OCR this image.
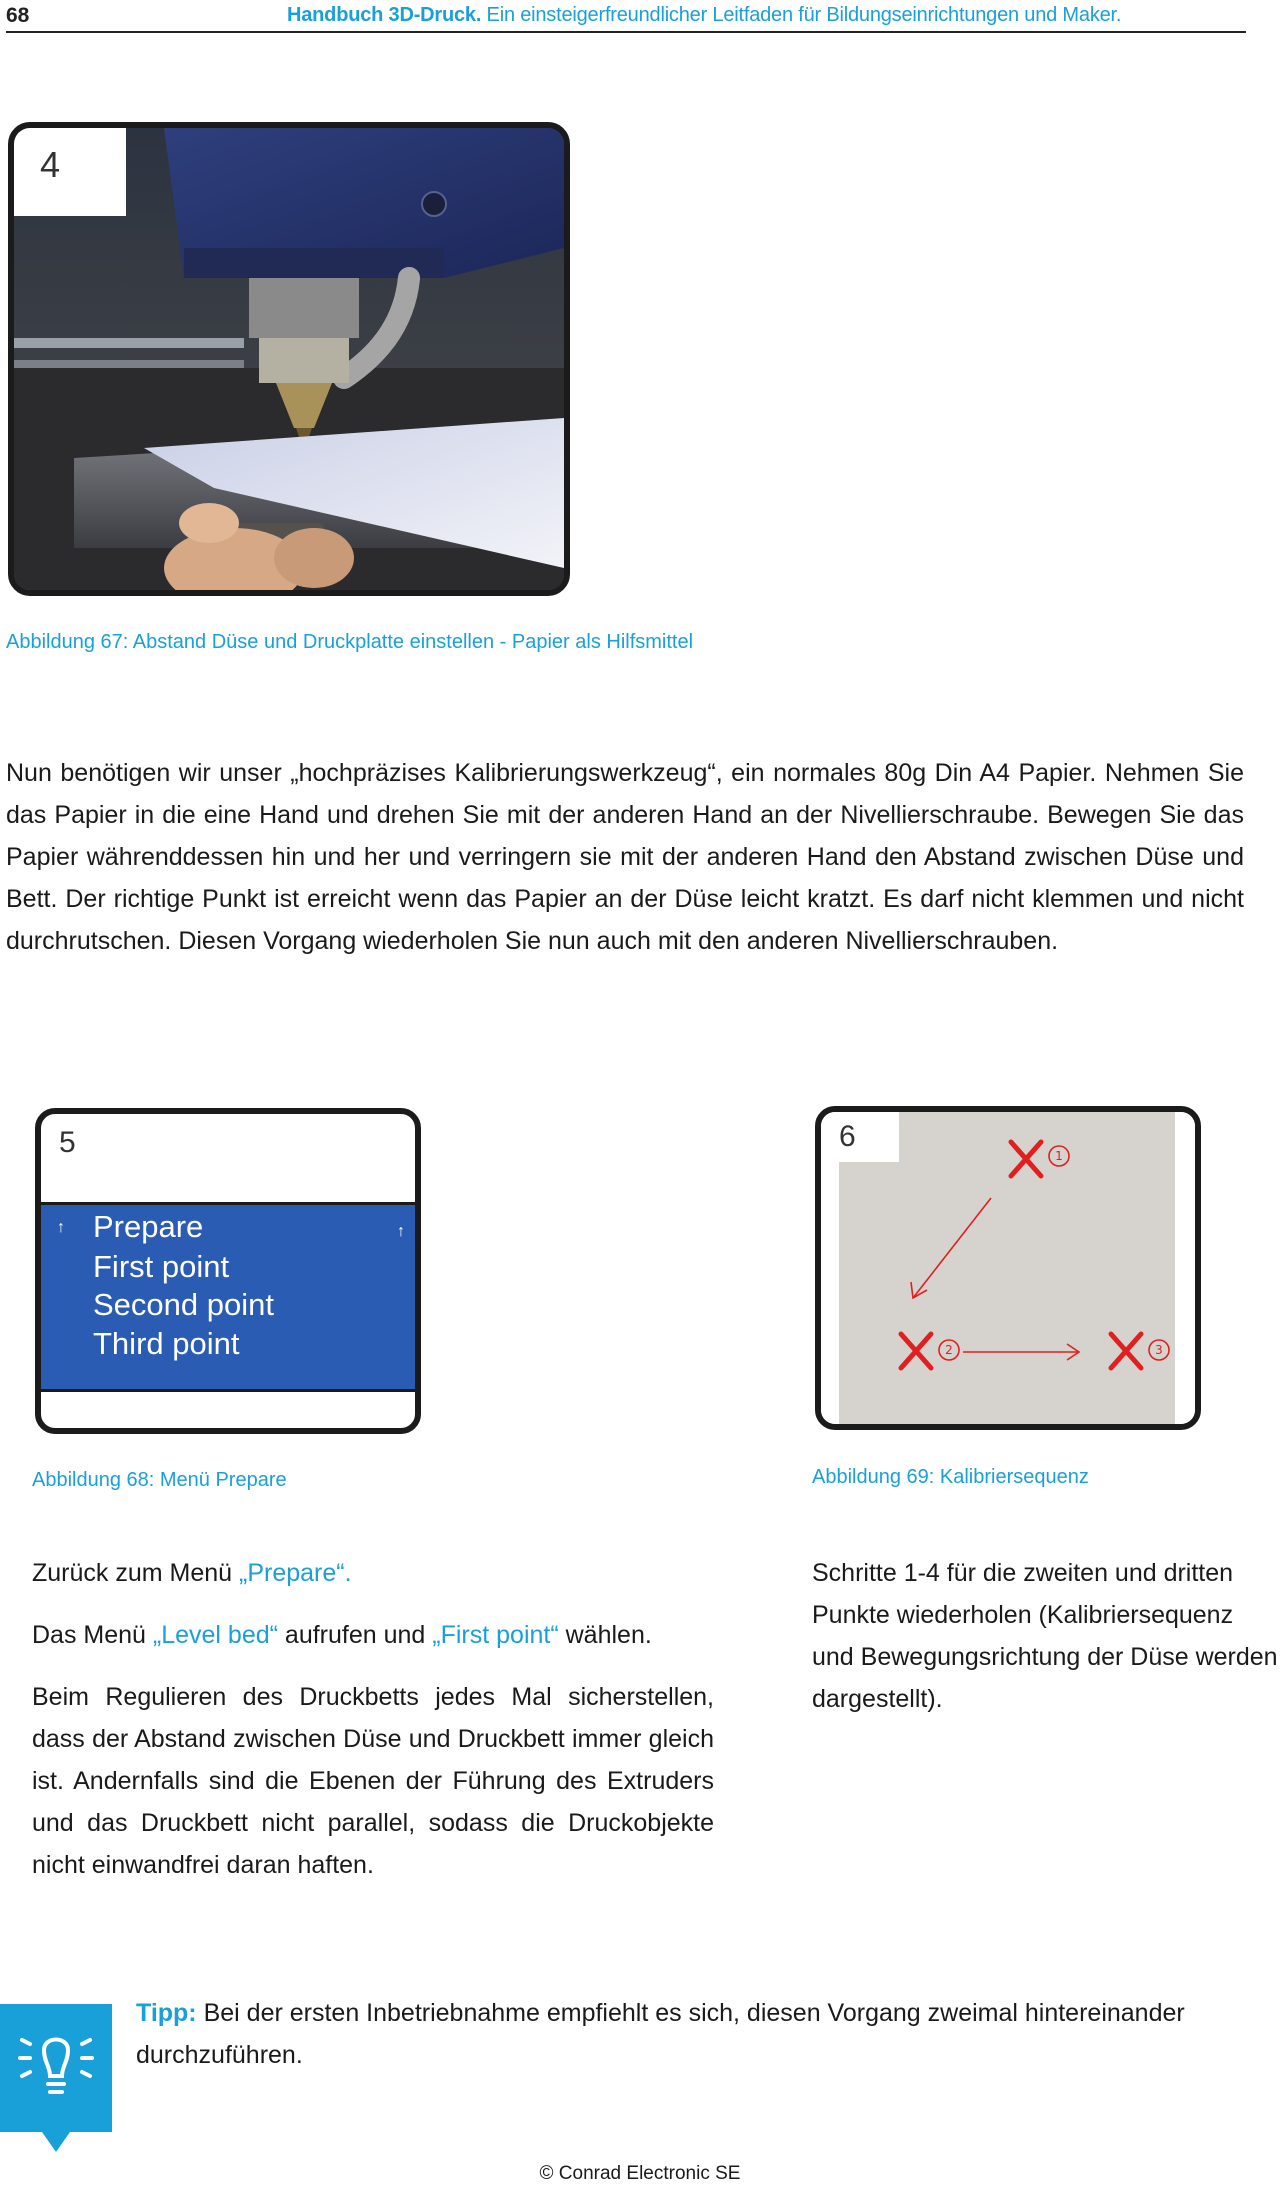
68	Handbuch 3D-Druck. Ein einsteigerfreundlicher Leitfaden für Bildungseinrichtungen und Maker.
4
Abbildung 67: Abstand Düse und Druckplatte einstellen - Papier als Hilfsmittel
Nun benötigen wir unser „hochpräzises Kalibrierungswerkzeug“, ein normales 80g Din A4 Papier. Nehmen Sie das Papier in die eine Hand und drehen Sie mit der anderen Hand an der Nivellierschraube. Bewegen Sie das Papier währenddessen hin und her und verringern sie mit der anderen Hand den Abstand zwischen Düse und Bett. Der richtige Punkt ist erreicht wenn das Papier an der Düse leicht kratzt. Es darf nicht klemmen und nicht durchrutschen. Diesen Vorgang wiederholen Sie nun auch mit den anderen Nivellierschrauben.
5
↑	↑
Prepare
First point
Second point
Third point
Abbildung 68: Menü Prepare
1
2	3
6
Abbildung 69: Kalibriersequenz
Zurück zum Menü „Prepare“.
Das Menü „Level bed“ aufrufen und „First point“ wählen.
Beim Regulieren des Druckbetts jedes Mal sicherstellen, dass der Abstand zwischen Düse und Druckbett immer gleich ist. Andernfalls sind die Ebenen der Führung des Extruders und das Druckbett nicht parallel, sodass die Druckobjekte nicht einwandfrei daran haften.
Schritte 1-4 für die zweiten und dritten Punkte wiederholen (Kalibriersequenz und Bewegungsrichtung der Düse werden dargestellt).
Tipp: Bei der ersten Inbetriebnahme empfiehlt es sich, diesen Vorgang zweimal hintereinander durchzuführen.
© Conrad Electronic SE
